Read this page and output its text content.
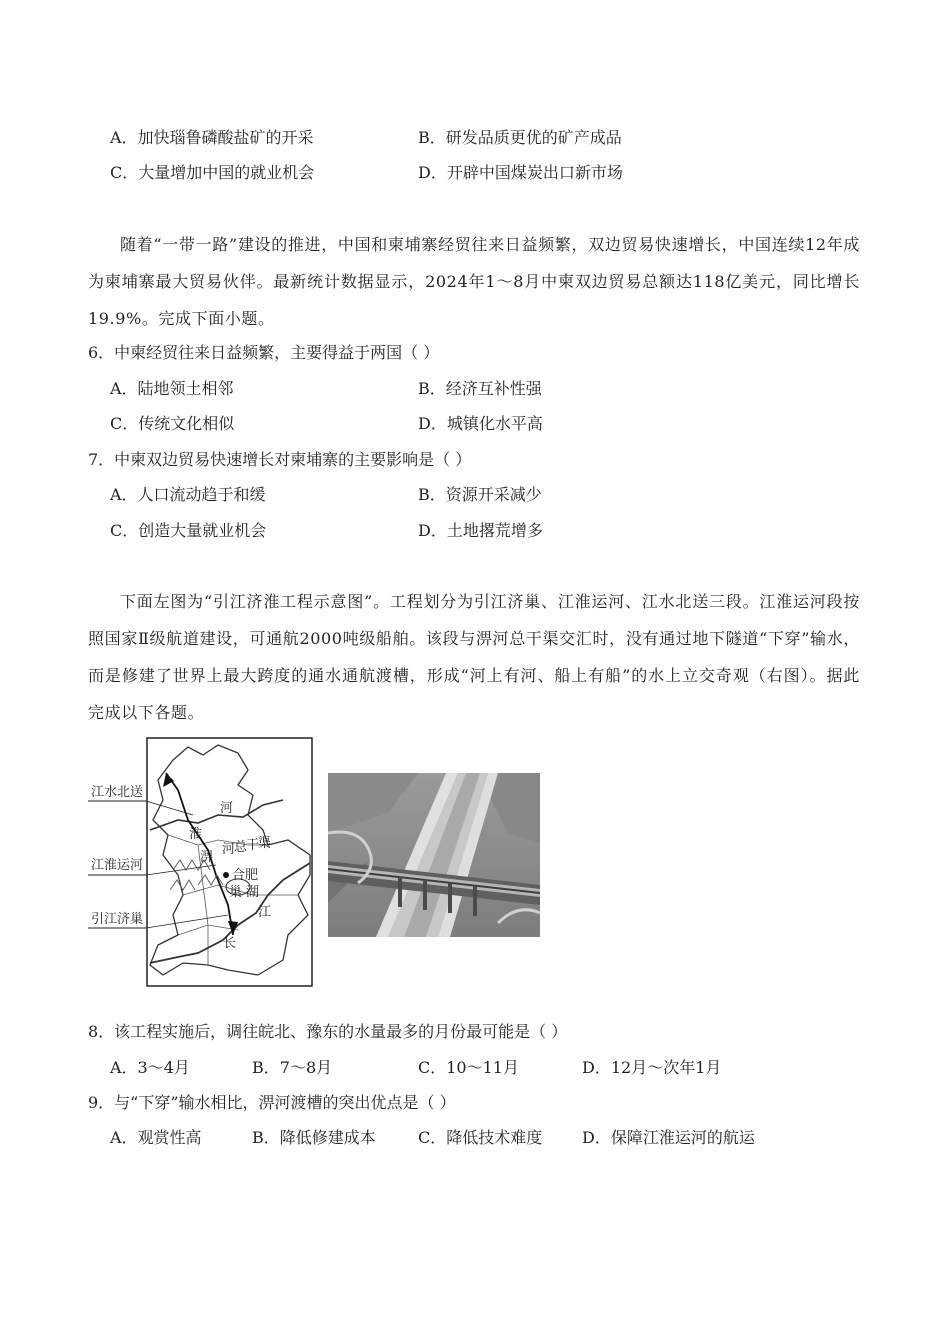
A．加快瑙鲁磷酸盐矿的开采	B．研发品质更优的矿产成品
C．大量增加中国的就业机会	D．开辟中国煤炭出口新市场
随着“一带一路”建设的推进，中国和柬埔寨经贸往来日益频繁，双边贸易快速增长，中国连续12年成为柬埔寨最大贸易伙伴。最新统计数据显示，2024年1～8月中柬双边贸易总额达118亿美元，同比增长19.9%。完成下面小题。
6．中柬经贸往来日益频繁，主要得益于两国（ ）
A．陆地领土相邻	B．经济互补性强
C．传统文化相似	D．城镇化水平高
7．中柬双边贸易快速增长对柬埔寨的主要影响是（ ）
A．人口流动趋于和缓	B．资源开采减少
C．创造大量就业机会	D．土地撂荒增多
下面左图为“引江济淮工程示意图”。工程划分为引江济巢、江淮运河、江水北送三段。江淮运河段按照国家Ⅱ级航道建设，可通航2000吨级船舶。该段与淠河总干渠交汇时，没有通过地下隧道“下穿”输水，而是修建了世界上最大跨度的通水通航渡槽，形成“河上有河、船上有船”的水上立交奇观（右图）。据此完成以下各题。
江水北送
江淮运河
引江济巢
河
淮
淠
河
总
干
渠
合肥
巢 湖
江
长
8．该工程实施后，调往皖北、豫东的水量最多的月份最可能是（ ）
A．3～4月	B．7～8月	C．10～11月	D．12月～次年1月
9．与“下穿”输水相比，淠河渡槽的突出优点是（ ）
A．观赏性高	B．降低修建成本	C．降低技术难度 D．保障江淮运河的航运
